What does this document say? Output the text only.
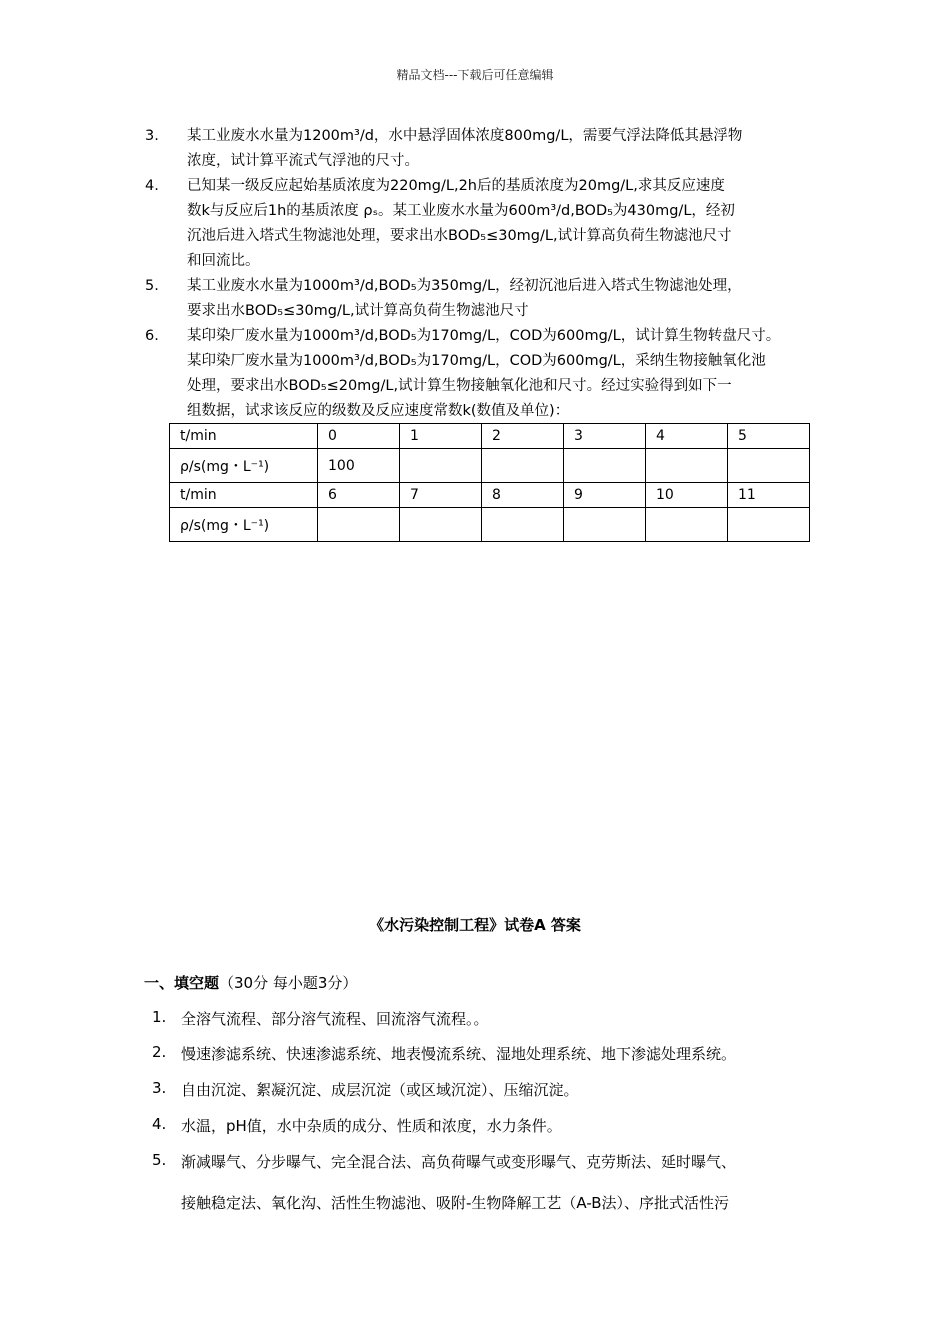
精品文档---下载后可任意编辑
3.	某工业废水水量为1200m³/d，水中悬浮固体浓度800mg/L，需要气浮法降低其悬浮物
浓度，试计算平流式气浮池的尺寸。
4.	已知某一级反应起始基质浓度为220mg/L,2h后的基质浓度为20mg/L,求其反应速度
数k与反应后1h的基质浓度 ρₛ。某工业废水水量为600m³/d,BOD₅为430mg/L，经初
沉池后进入塔式生物滤池处理，要求出水BOD₅≤30mg/L,试计算高负荷生物滤池尺寸
和回流比。
5.	某工业废水水量为1000m³/d,BOD₅为350mg/L，经初沉池后进入塔式生物滤池处理，
要求出水BOD₅≤30mg/L,试计算高负荷生物滤池尺寸
6.	某印染厂废水量为1000m³/d,BOD₅为170mg/L，COD为600mg/L，试计算生物转盘尺寸。
某印染厂废水量为1000m³/d,BOD₅为170mg/L，COD为600mg/L，采纳生物接触氧化池
处理，要求出水BOD₅≤20mg/L,试计算生物接触氧化池和尺寸。经过实验得到如下一
组数据，试求该反应的级数及反应速度常数k(数值及单位)：
t/min	0	1	2	3	4	5
ρ/s(mg・L⁻¹)	100					
t/min	6	7	8	9	10	11
ρ/s(mg・L⁻¹)						
《水污染控制工程》试卷A 答案
一、填空题（30分 每小题3分）
1. 全溶气流程、部分溶气流程、回流溶气流程。。
2. 慢速渗滤系统、快速渗滤系统、地表慢流系统、湿地处理系统、地下渗滤处理系统。
3. 自由沉淀、絮凝沉淀、成层沉淀（或区域沉淀）、压缩沉淀。
4. 水温，pH值，水中杂质的成分、性质和浓度，水力条件。
5. 渐减曝气、分步曝气、完全混合法、高负荷曝气或变形曝气、克劳斯法、延时曝气、
接触稳定法、氧化沟、活性生物滤池、吸附-生物降解工艺（A-B法）、序批式活性污
